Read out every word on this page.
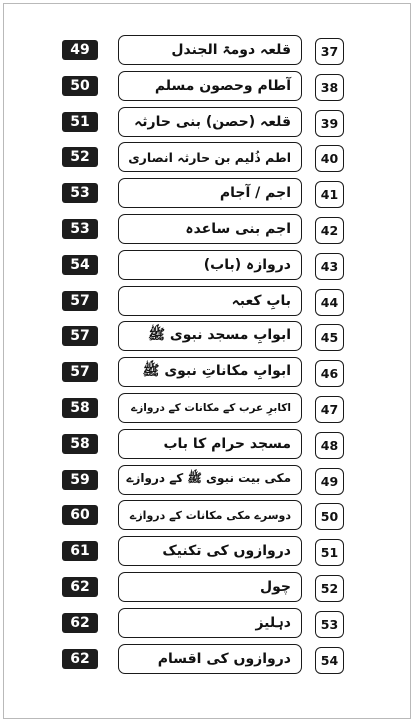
49	قلعہ دومۃ الجندل 37
50	آطام وحصون مسلم 38
51	قلعہ (حصن) بنی حارثہ 39
52	اطم ذُلیم بن حارثہ انصاری 40
53	اجم / آجام 41
53	اجم بنی ساعدہ 42
54	دروازہ (باب) 43
57	بابِ کعبہ 44
57	ابوابِ مسجد نبوی ﷺ 45
57	ابوابِ مکاناتِ نبوی ﷺ 46
58	اکابرِ عرب کے مکانات کے دروازے 47
58	مسجد حرام کا باب 48
59	مکی بیت نبوی ﷺ کے دروازے 49
60	دوسرے مکی مکانات کے دروازے 50
61	دروازوں کی تکنیک 51
62	چول 52
62	دہلیز 53
62	دروازوں کی اقسام 54
